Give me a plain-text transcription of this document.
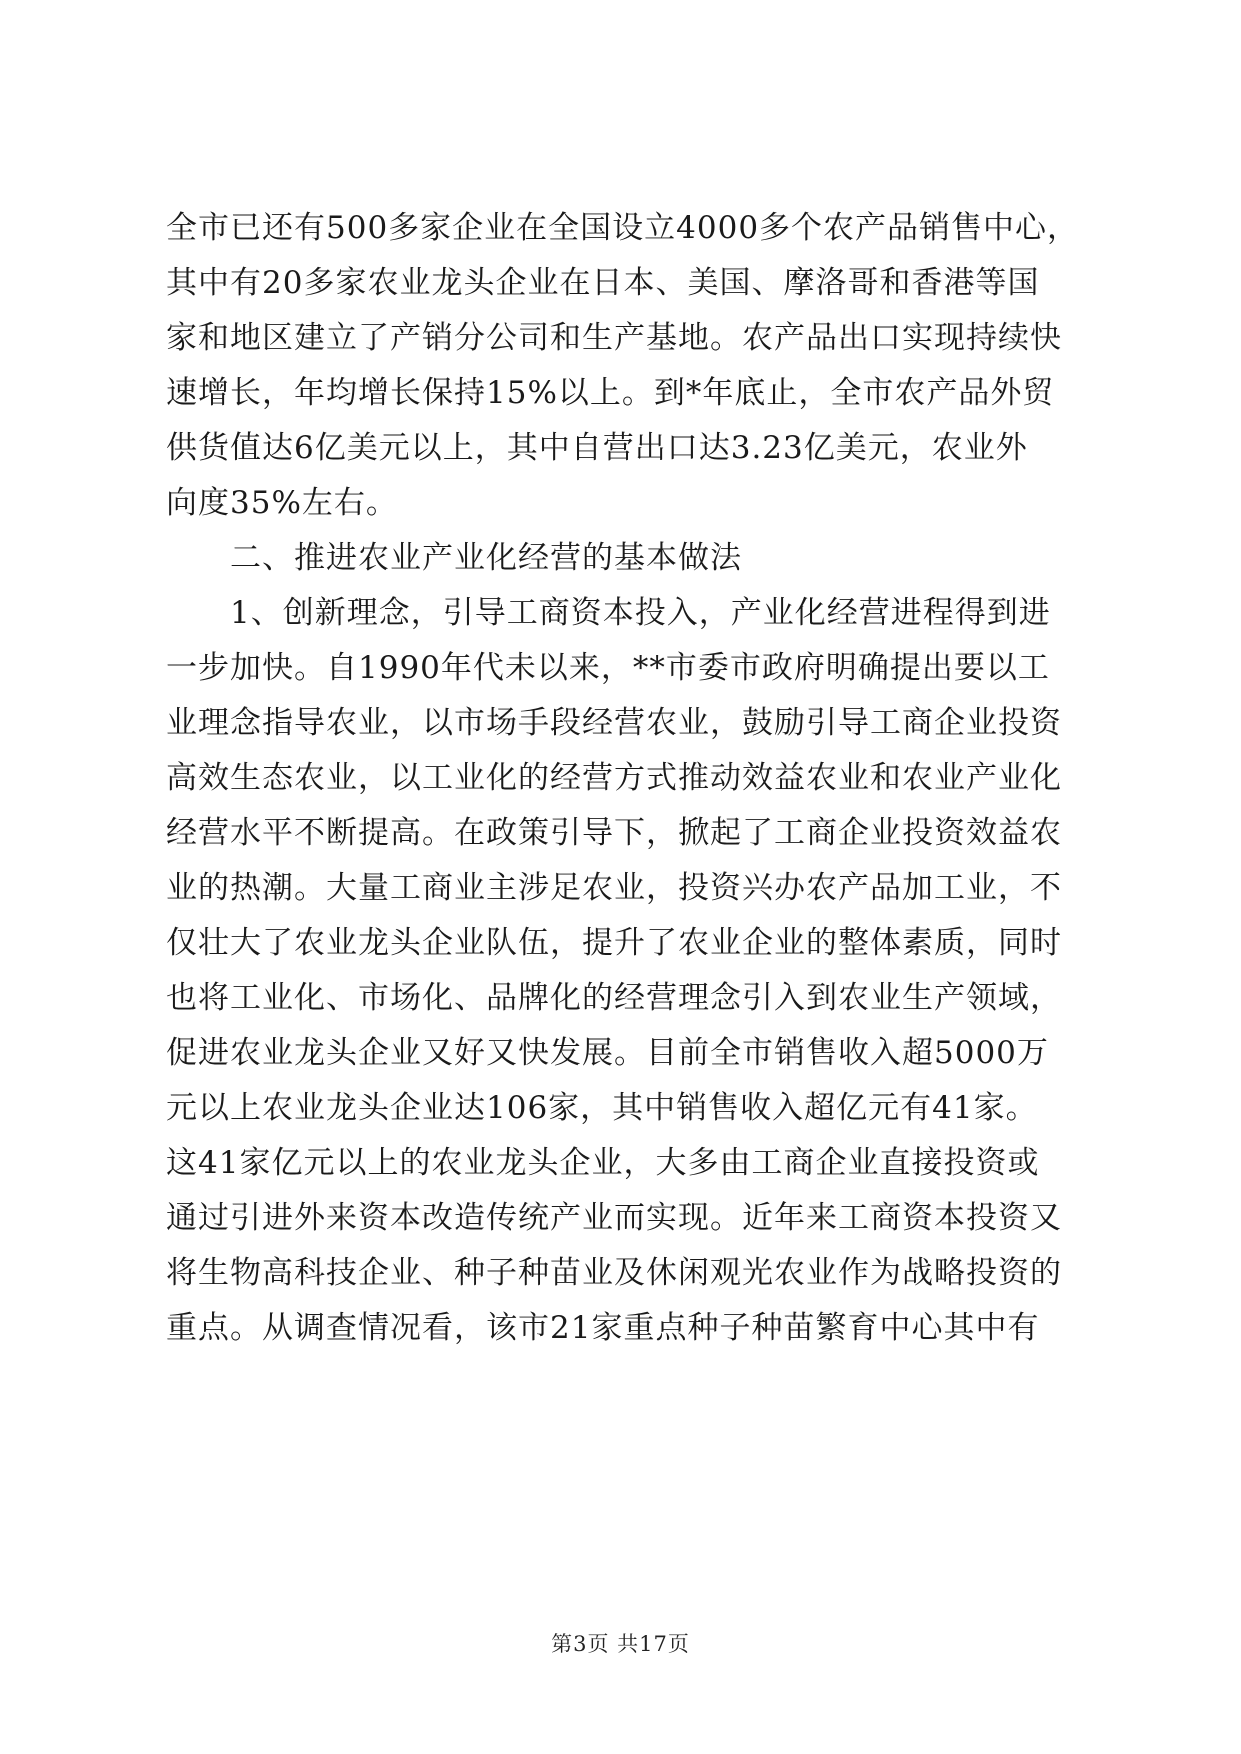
全市已还有500多家企业在全国设立4000多个农产品销售中心，
其中有20多家农业龙头企业在日本、美国、摩洛哥和香港等国
家和地区建立了产销分公司和生产基地。农产品出口实现持续快
速增长，年均增长保持15%以上。到*年底止，全市农产品外贸
供货值达6亿美元以上，其中自营出口达3.23亿美元，农业外
向度35%左右。
二、推进农业产业化经营的基本做法
1、创新理念，引导工商资本投入，产业化经营进程得到进
一步加快。自1990年代未以来，**市委市政府明确提出要以工
业理念指导农业，以市场手段经营农业，鼓励引导工商企业投资
高效生态农业，以工业化的经营方式推动效益农业和农业产业化
经营水平不断提高。在政策引导下，掀起了工商企业投资效益农
业的热潮。大量工商业主涉足农业，投资兴办农产品加工业，不
仅壮大了农业龙头企业队伍，提升了农业企业的整体素质，同时
也将工业化、市场化、品牌化的经营理念引入到农业生产领域，
促进农业龙头企业又好又快发展。目前全市销售收入超5000万
元以上农业龙头企业达106家，其中销售收入超亿元有41家。
这41家亿元以上的农业龙头企业，大多由工商企业直接投资或
通过引进外来资本改造传统产业而实现。近年来工商资本投资又
将生物高科技企业、种子种苗业及休闲观光农业作为战略投资的
重点。从调查情况看，该市21家重点种子种苗繁育中心其中有
第3页 共17页
